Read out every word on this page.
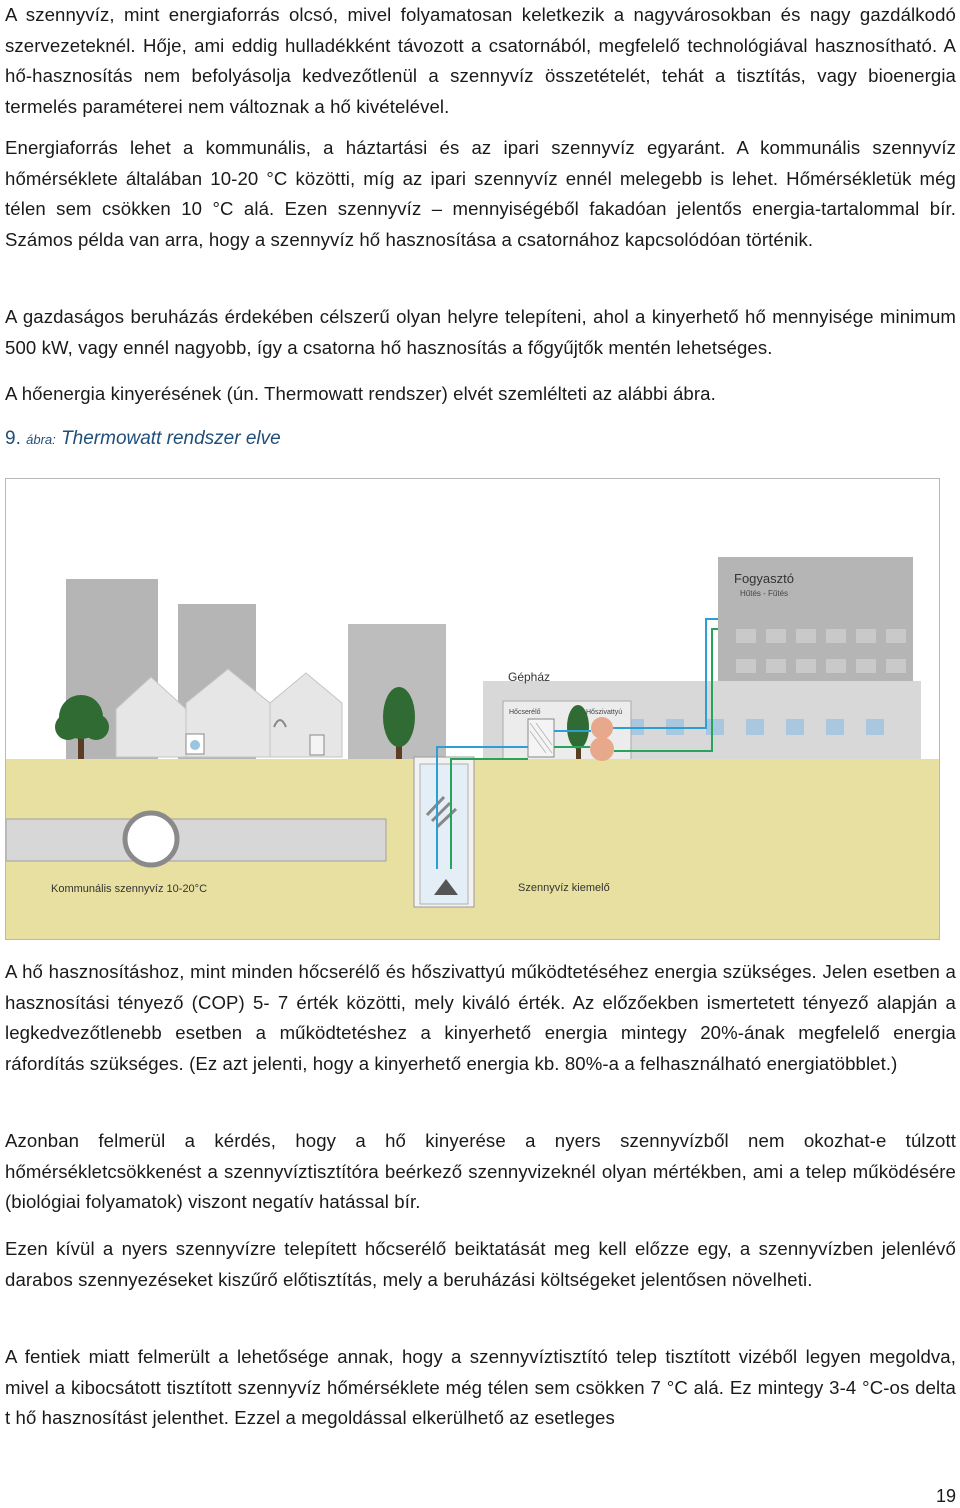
A szennyvíz, mint energiaforrás olcsó, mivel folyamatosan keletkezik a nagyvárosokban és nagy gazdálkodó szervezeteknél. Hője, ami eddig hulladékként távozott a csatornából, megfelelő technológiával hasznosítható. A hő-hasznosítás nem befolyásolja kedvezőtlenül a szennyvíz összetételét, tehát a tisztítás, vagy bioenergia termelés paraméterei nem változnak a hő kivételével.

Energiaforrás lehet a kommunális, a háztartási és az ipari szennyvíz egyaránt. A kommunális szennyvíz hőmérséklete általában 10-20 °C közötti, míg az ipari szennyvíz ennél melegebb is lehet. Hőmérsékletük még télen sem csökken 10 °C alá. Ezen szennyvíz – mennyiségéből fakadóan jelentős energia-tartalommal bír. Számos példa van arra, hogy a szennyvíz hő hasznosítása a csatornához kapcsolódóan történik.

A gazdaságos beruházás érdekében célszerű olyan helyre telepíteni, ahol a kinyerhető hő mennyisége minimum 500 kW, vagy ennél nagyobb, így a csatorna hő hasznosítás a főgyűjtők mentén lehetséges.

A hőenergia kinyerésének (ún. Thermowatt rendszer) elvét szemlélteti az alábbi ábra.

9. ábra: Thermowatt rendszer elve

Fogyasztó
Hűtés - Fűtés
Gépház
Hőcserélő	Hőszivattyú
Kommunális szennyvíz 10-20°C	Szennyvíz kiemelő

A hő hasznosításhoz, mint minden hőcserélő és hőszivattyú működtetéséhez energia szükséges. Jelen esetben a hasznosítási tényező (COP) 5- 7 érték közötti, mely kiváló érték. Az előzőekben ismertetett tényező alapján a legkedvezőtlenebb esetben a működtetéshez a kinyerhető energia mintegy 20%-ának megfelelő energia ráfordítás szükséges. (Ez azt jelenti, hogy a kinyerhető energia kb. 80%-a a felhasználható energiatöbblet.)

Azonban felmerül a kérdés, hogy a hő kinyerése a nyers szennyvízből nem okozhat-e túlzott hőmérsékletcsökkenést a szennyvíztisztítóra beérkező szennyvizeknél olyan mértékben, ami a telep működésére (biológiai folyamatok) viszont negatív hatással bír.

Ezen kívül a nyers szennyvízre telepített hőcserélő beiktatását meg kell előzze egy, a szennyvízben jelenlévő darabos szennyezéseket kiszűrő előtisztítás, mely a beruházási költségeket jelentősen növelheti.

A fentiek miatt felmerült a lehetősége annak, hogy a szennyvíztisztító telep tisztított vizéből legyen megoldva, mivel a kibocsátott tisztított szennyvíz hőmérséklete még télen sem csökken 7 °C alá. Ez mintegy 3-4 °C-os delta t hő hasznosítást jelenthet. Ezzel a megoldással elkerülhető az esetleges

19
